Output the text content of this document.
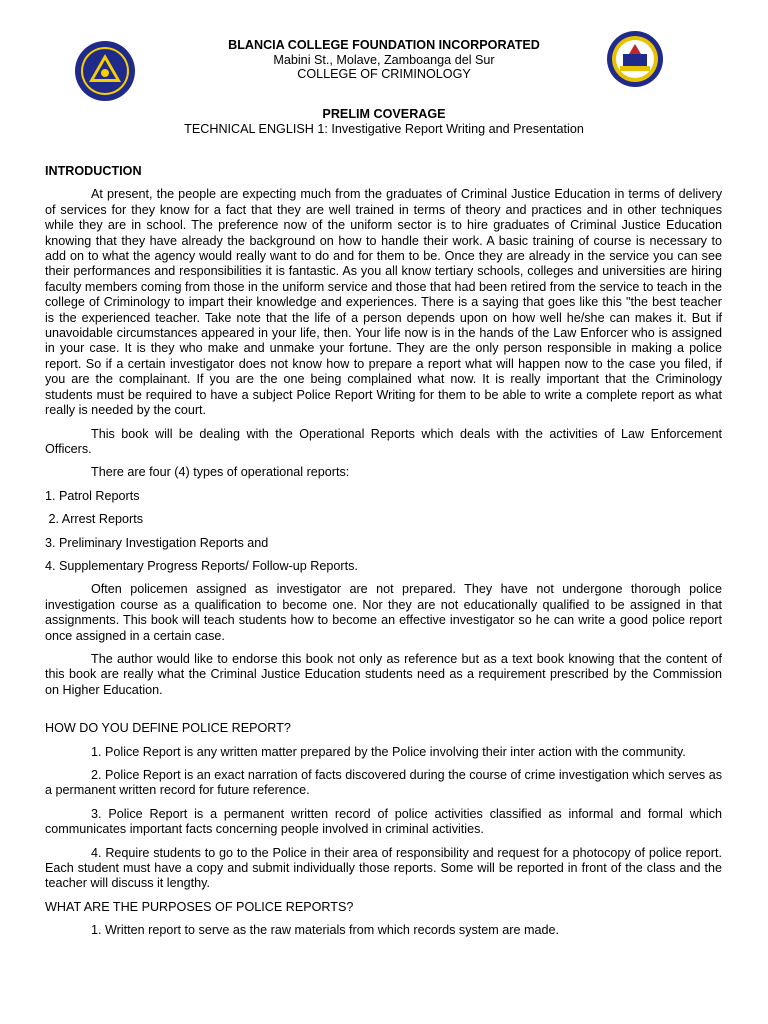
BLANCIA COLLEGE FOUNDATION INCORPORATED
Mabini St., Molave, Zamboanga del Sur
COLLEGE OF CRIMINOLOGY
PRELIM COVERAGE
TECHNICAL ENGLISH 1: Investigative Report Writing and Presentation
INTRODUCTION

At present, the people are expecting much from the graduates of Criminal Justice Education in terms of delivery of services for they know for a fact that they are well trained in terms of theory and practices and in other techniques while they are in school. The preference now of the uniform sector is to hire graduates of Criminal Justice Education knowing that they have already the background on how to handle their work. A basic training of course is necessary to add on to what the agency would really want to do and for them to be. Once they are already in the service you can see their performances and responsibilities it is fantastic. As you all know tertiary schools, colleges and universities are hiring faculty members coming from those in the uniform service and those that had been retired from the service to teach in the college of Criminology to impart their knowledge and experiences. There is a saying that goes like this "the best teacher is the experienced teacher. Take note that the life of a person depends upon on how well he/she can makes it. But if unavoidable circumstances appeared in your life, then. Your life now is in the hands of the Law Enforcer who is assigned in your case. It is they who make and unmake your fortune. They are the only person responsible in making a police report. So if a certain investigator does not know how to prepare a report what will happen now to the case you filed, if you are the complainant. If you are the one being complained what now. It is really important that the Criminology students must be required to have a subject Police Report Writing for them to be able to write a complete report as what really is needed by the court.

This book will be dealing with the Operational Reports which deals with the activities of Law Enforcement Officers.

There are four (4) types of operational reports:

1. Patrol Reports
2. Arrest Reports
3. Preliminary Investigation Reports and
4. Supplementary Progress Reports/ Follow-up Reports.

Often policemen assigned as investigator are not prepared. They have not undergone thorough police investigation course as a qualification to become one. Nor they are not educationally qualified to be assigned in that assignments. This book will teach students how to become an effective investigator so he can write a good police report once assigned in a certain case.

The author would like to endorse this book not only as reference but as a text book knowing that the content of this book are really what the Criminal Justice Education students need as a requirement prescribed by the Commission on Higher Education.

HOW DO YOU DEFINE POLICE REPORT?

1. Police Report is any written matter prepared by the Police involving their inter action with the community.

2. Police Report is an exact narration of facts discovered during the course of crime investigation which serves as a permanent written record for future reference.

3. Police Report is a permanent written record of police activities classified as informal and formal which communicates important facts concerning people involved in criminal activities.

4. Require students to go to the Police in their area of responsibility and request for a photocopy of police report. Each student must have a copy and submit individually those reports. Some will be reported in front of the class and the teacher will discuss it lengthy.

WHAT ARE THE PURPOSES OF POLICE REPORTS?

1. Written report to serve as the raw materials from which records system are made.
